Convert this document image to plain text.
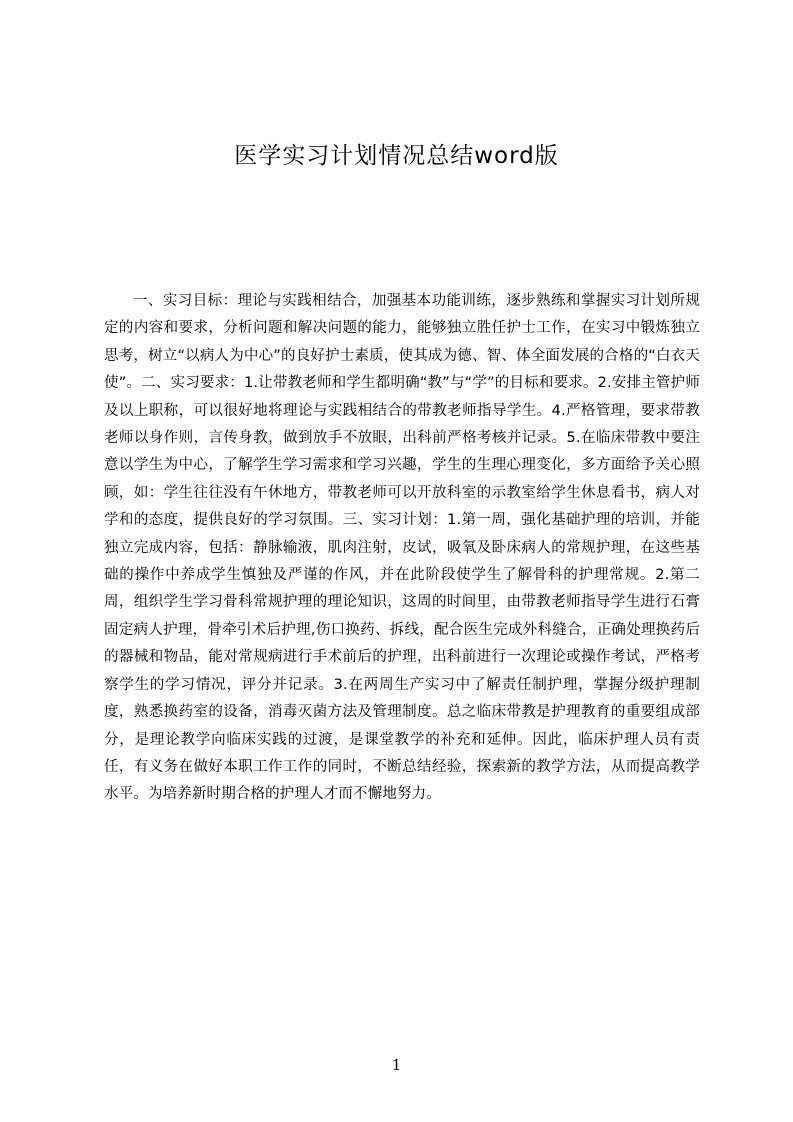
医学实习计划情况总结word版

一、实习目标：理论与实践相结合，加强基本功能训练，逐步熟练和掌握实习计划所规定的内容和要求，分析问题和解决问题的能力，能够独立胜任护士工作，在实习中锻炼独立思考，树立“以病人为中心”的良好护士素质，使其成为德、智、体全面发展的合格的“白衣天使”。二、实习要求：1.让带教老师和学生都明确“教”与“学”的目标和要求。2.安排主管护师及以上职称，可以很好地将理论与实践相结合的带教老师指导学生。4.严格管理，要求带教老师以身作则，言传身教，做到放手不放眼，出科前严格考核并记录。5.在临床带教中要注意以学生为中心，了解学生学习需求和学习兴趣，学生的生理心理变化，多方面给予关心照顾，如：学生往往没有午休地方，带教老师可以开放科室的示教室给学生休息看书，病人对学和的态度，提供良好的学习氛围。三、实习计划：1.第一周，强化基础护理的培训，并能独立完成内容，包括：静脉输液，肌肉注射，皮试，吸氧及卧床病人的常规护理，在这些基础的操作中养成学生慎独及严谨的作风，并在此阶段使学生了解骨科的护理常规。2.第二周，组织学生学习骨科常规护理的理论知识，这周的时间里，由带教老师指导学生进行石膏固定病人护理，骨牵引术后护理,伤口换药、拆线，配合医生完成外科缝合，正确处理换药后的器械和物品，能对常规病进行手术前后的护理，出科前进行一次理论或操作考试，严格考察学生的学习情况，评分并记录。3.在两周生产实习中了解责任制护理，掌握分级护理制度，熟悉换药室的设备，消毒灭菌方法及管理制度。总之临床带教是护理教育的重要组成部分，是理论教学向临床实践的过渡，是课堂教学的补充和延伸。因此，临床护理人员有责任，有义务在做好本职工作工作的同时，不断总结经验，探索新的教学方法，从而提高教学水平。为培养新时期合格的护理人才而不懈地努力。

1
